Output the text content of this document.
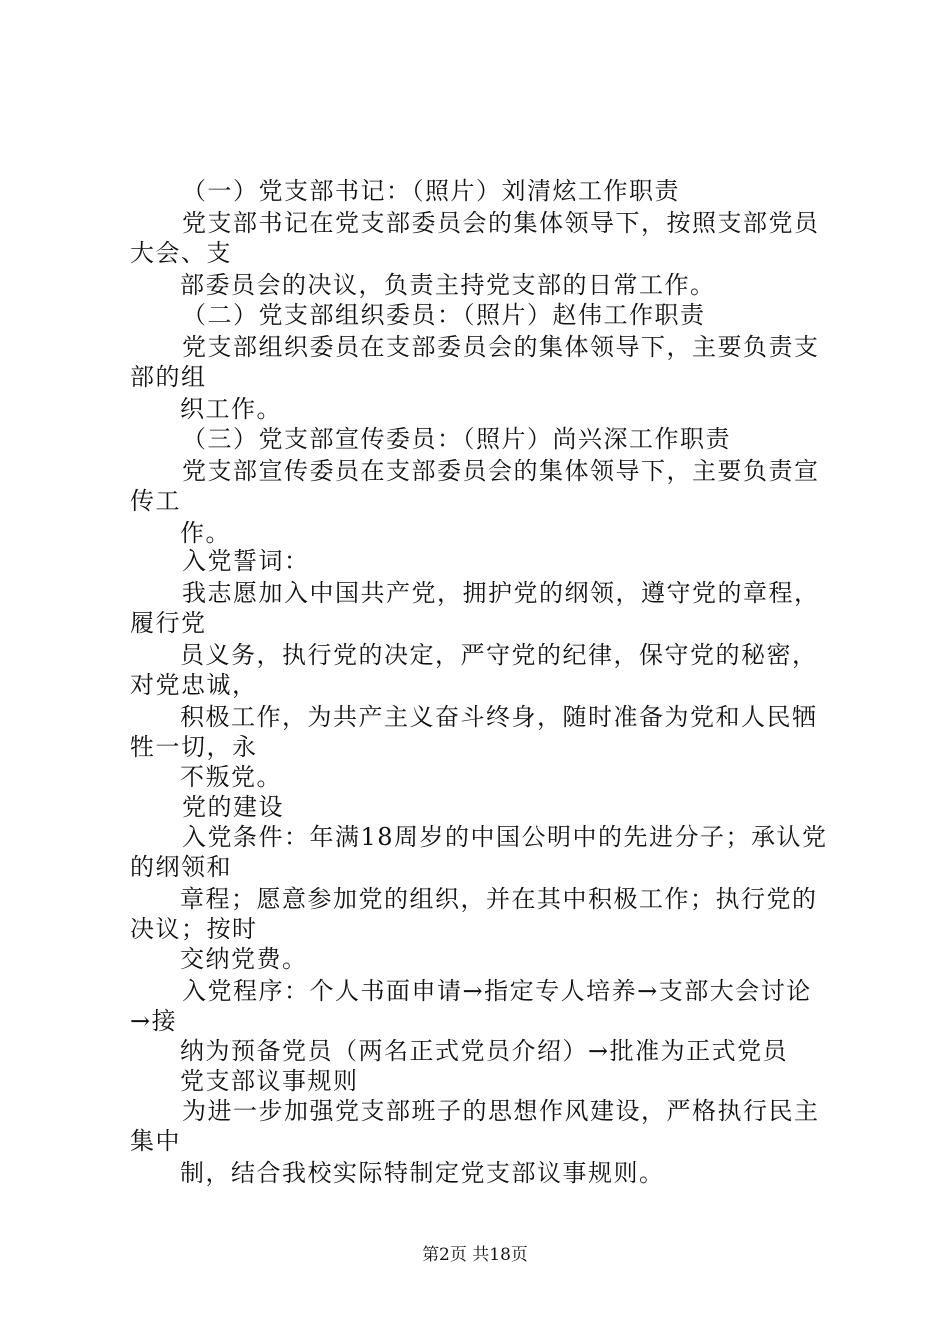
（一）党支部书记：（照片）刘清炫工作职责
党支部书记在党支部委员会的集体领导下，按照支部党员
大会、支
部委员会的决议，负责主持党支部的日常工作。
（二）党支部组织委员：（照片）赵伟工作职责
党支部组织委员在支部委员会的集体领导下，主要负责支
部的组
织工作。
（三）党支部宣传委员：（照片）尚兴深工作职责
党支部宣传委员在支部委员会的集体领导下，主要负责宣
传工
作。
入党誓词：
我志愿加入中国共产党，拥护党的纲领，遵守党的章程，
履行党
员义务，执行党的决定，严守党的纪律，保守党的秘密，
对党忠诚，
积极工作，为共产主义奋斗终身，随时准备为党和人民牺
牲一切，永
不叛党。
党的建设
入党条件：年满18周岁的中国公明中的先进分子；承认党
的纲领和
章程；愿意参加党的组织，并在其中积极工作；执行党的
决议；按时
交纳党费。
入党程序：个人书面申请→指定专人培养→支部大会讨论
→接
纳为预备党员（两名正式党员介绍）→批准为正式党员
党支部议事规则
为进一步加强党支部班子的思想作风建设，严格执行民主
集中
制，结合我校实际特制定党支部议事规则。
第2页 共18页
